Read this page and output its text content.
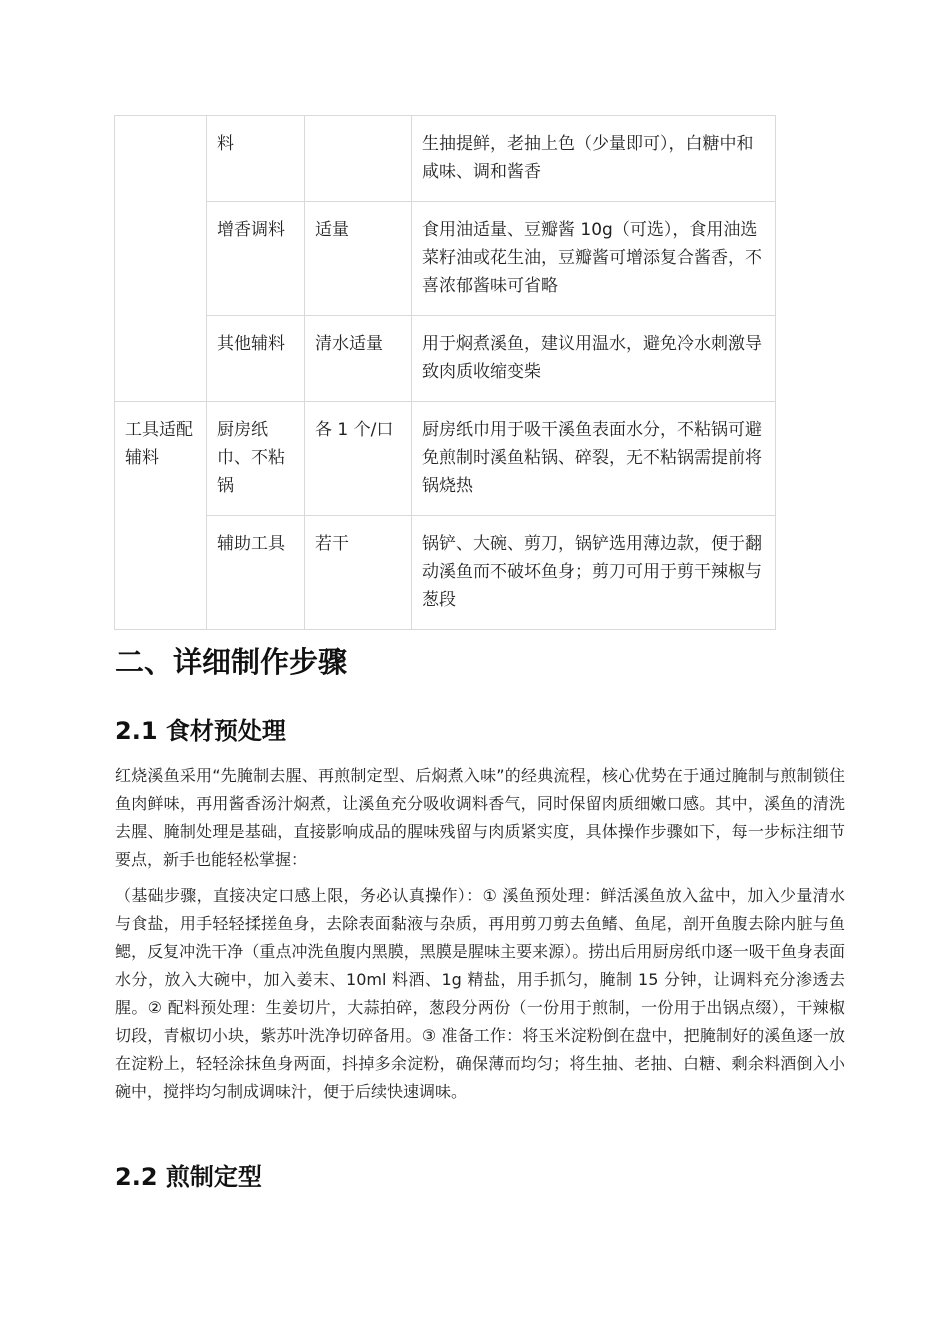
	料		生抽提鲜，老抽上色（少量即可），白糖中和咸味、调和酱香
	增香调料	适量	食用油适量、豆瓣酱 10g（可选），食用油选菜籽油或花生油，豆瓣酱可增添复合酱香，不喜浓郁酱味可省略
	其他辅料	清水适量	用于焖煮溪鱼，建议用温水，避免冷水刺激导致肉质收缩变柴
工具适配辅料	厨房纸巾、不粘锅	各 1 个/口	厨房纸巾用于吸干溪鱼表面水分，不粘锅可避免煎制时溪鱼粘锅、碎裂，无不粘锅需提前将锅烧热
	辅助工具	若干	锅铲、大碗、剪刀，锅铲选用薄边款，便于翻动溪鱼而不破坏鱼身；剪刀可用于剪干辣椒与葱段
二、详细制作步骤
2.1 食材预处理

红烧溪鱼采用“先腌制去腥、再煎制定型、后焖煮入味”的经典流程，核心优势在于通过腌制与煎制锁住鱼肉鲜味，再用酱香汤汁焖煮，让溪鱼充分吸收调料香气，同时保留肉质细嫩口感。其中，溪鱼的清洗去腥、腌制处理是基础，直接影响成品的腥味残留与肉质紧实度，具体操作步骤如下，每一步标注细节要点，新手也能轻松掌握：

（基础步骤，直接决定口感上限，务必认真操作）：① 溪鱼预处理：鲜活溪鱼放入盆中，加入少量清水与食盐，用手轻轻揉搓鱼身，去除表面黏液与杂质，再用剪刀剪去鱼鳍、鱼尾，剖开鱼腹去除内脏与鱼鳃，反复冲洗干净（重点冲洗鱼腹内黑膜，黑膜是腥味主要来源）。捞出后用厨房纸巾逐一吸干鱼身表面水分，放入大碗中，加入姜末、10ml 料酒、1g 精盐，用手抓匀，腌制 15 分钟，让调料充分渗透去腥。② 配料预处理：生姜切片，大蒜拍碎，葱段分两份（一份用于煎制，一份用于出锅点缀），干辣椒切段，青椒切小块，紫苏叶洗净切碎备用。③ 准备工作：将玉米淀粉倒在盘中，把腌制好的溪鱼逐一放在淀粉上，轻轻涂抹鱼身两面，抖掉多余淀粉，确保薄而均匀；将生抽、老抽、白糖、剩余料酒倒入小碗中，搅拌均匀制成调味汁，便于后续快速调味。

2.2 煎制定型
